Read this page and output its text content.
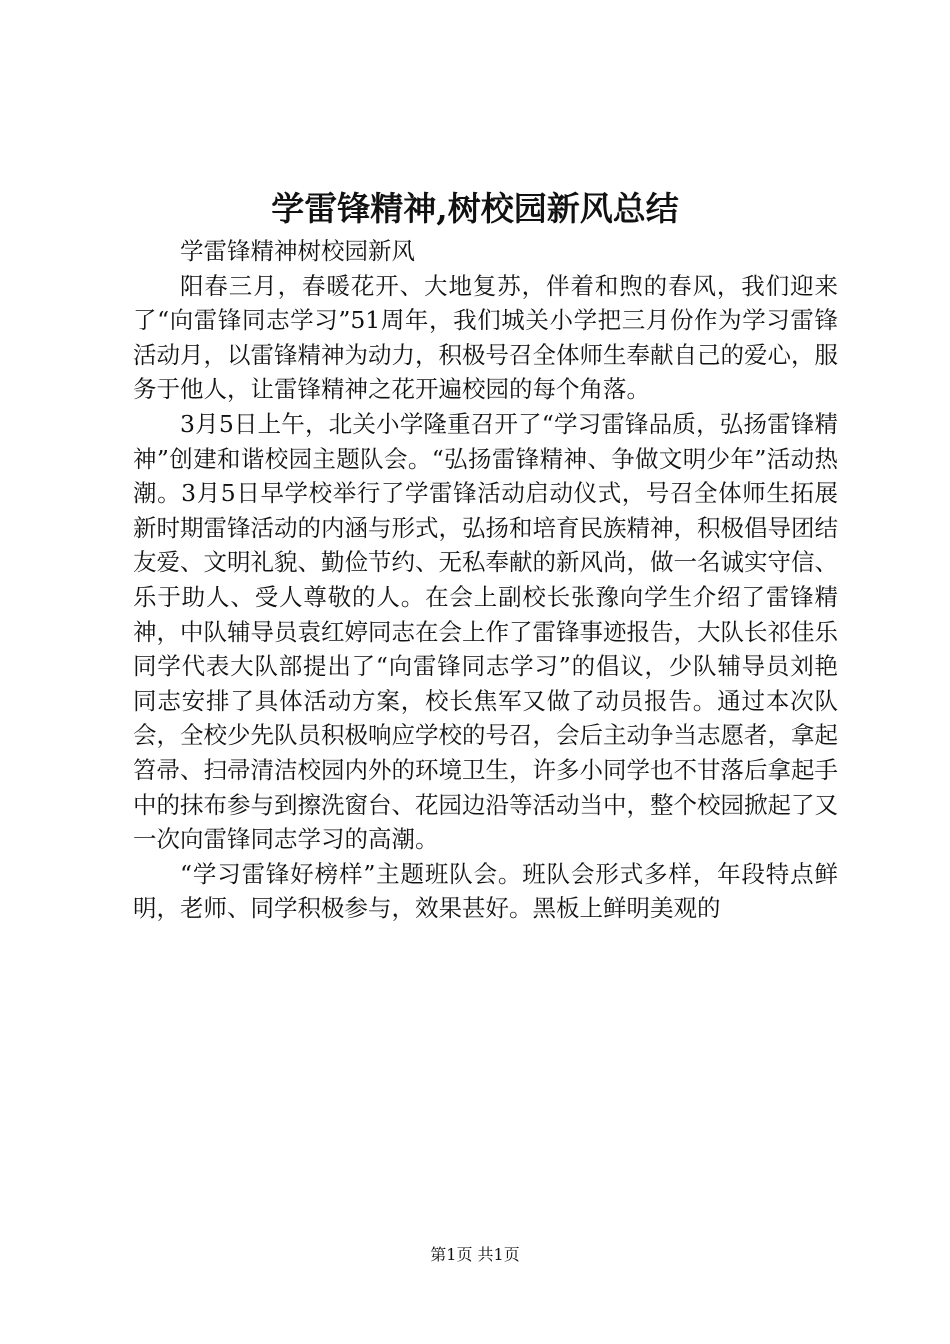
学雷锋精神,树校园新风总结

学雷锋精神树校园新风

阳春三月，春暖花开、大地复苏，伴着和煦的春风，我们迎来了“向雷锋同志学习”51周年，我们城关小学把三月份作为学习雷锋活动月，以雷锋精神为动力，积极号召全体师生奉献自己的爱心，服务于他人，让雷锋精神之花开遍校园的每个角落。

3月5日上午，北关小学隆重召开了“学习雷锋品质，弘扬雷锋精神”创建和谐校园主题队会。“弘扬雷锋精神、争做文明少年”活动热潮。3月5日早学校举行了学雷锋活动启动仪式，号召全体师生拓展新时期雷锋活动的内涵与形式，弘扬和培育民族精神，积极倡导团结友爱、文明礼貌、勤俭节约、无私奉献的新风尚，做一名诚实守信、乐于助人、受人尊敬的人。在会上副校长张豫向学生介绍了雷锋精神，中队辅导员袁红婷同志在会上作了雷锋事迹报告，大队长祁佳乐同学代表大队部提出了“向雷锋同志学习”的倡议，少队辅导员刘艳同志安排了具体活动方案，校长焦军又做了动员报告。通过本次队会，全校少先队员积极响应学校的号召，会后主动争当志愿者，拿起笤帚、扫帚清洁校园内外的环境卫生，许多小同学也不甘落后拿起手中的抹布参与到擦洗窗台、花园边沿等活动当中，整个校园掀起了又一次向雷锋同志学习的高潮。

“学习雷锋好榜样”主题班队会。班队会形式多样，年段特点鲜明，老师、同学积极参与，效果甚好。黑板上鲜明美观的

第1页 共1页
